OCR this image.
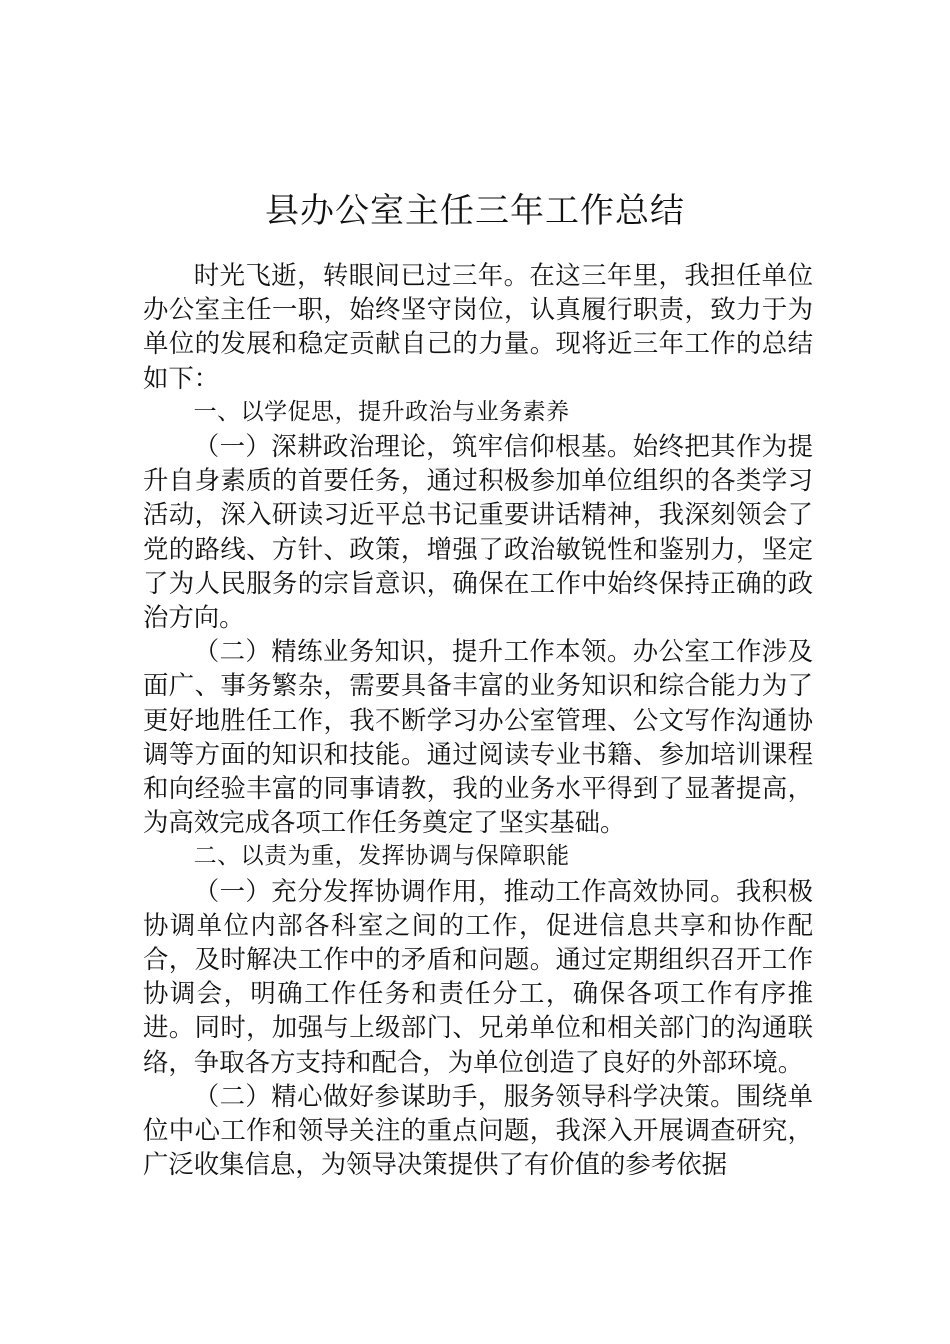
县办公室主任三年工作总结

时光飞逝，转眼间已过三年。在这三年里，我担任单位办公室主任一职，始终坚守岗位，认真履行职责，致力于为单位的发展和稳定贡献自己的力量。现将近三年工作的总结如下：

一、以学促思，提升政治与业务素养

（一）深耕政治理论，筑牢信仰根基。始终把其作为提升自身素质的首要任务，通过积极参加单位组织的各类学习活动，深入研读习近平总书记重要讲话精神，我深刻领会了党的路线、方针、政策，增强了政治敏锐性和鉴别力，坚定了为人民服务的宗旨意识，确保在工作中始终保持正确的政治方向。

（二）精练业务知识，提升工作本领。办公室工作涉及面广、事务繁杂，需要具备丰富的业务知识和综合能力为了更好地胜任工作，我不断学习办公室管理、公文写作沟通协调等方面的知识和技能。通过阅读专业书籍、参加培训课程和向经验丰富的同事请教，我的业务水平得到了显著提高，为高效完成各项工作任务奠定了坚实基础。

二、以责为重，发挥协调与保障职能

（一）充分发挥协调作用，推动工作高效协同。我积极协调单位内部各科室之间的工作，促进信息共享和协作配合，及时解决工作中的矛盾和问题。通过定期组织召开工作协调会，明确工作任务和责任分工，确保各项工作有序推进。同时，加强与上级部门、兄弟单位和相关部门的沟通联络，争取各方支持和配合，为单位创造了良好的外部环境。

（二）精心做好参谋助手，服务领导科学决策。围绕单位中心工作和领导关注的重点问题，我深入开展调查研究，广泛收集信息，为领导决策提供了有价值的参考依据
